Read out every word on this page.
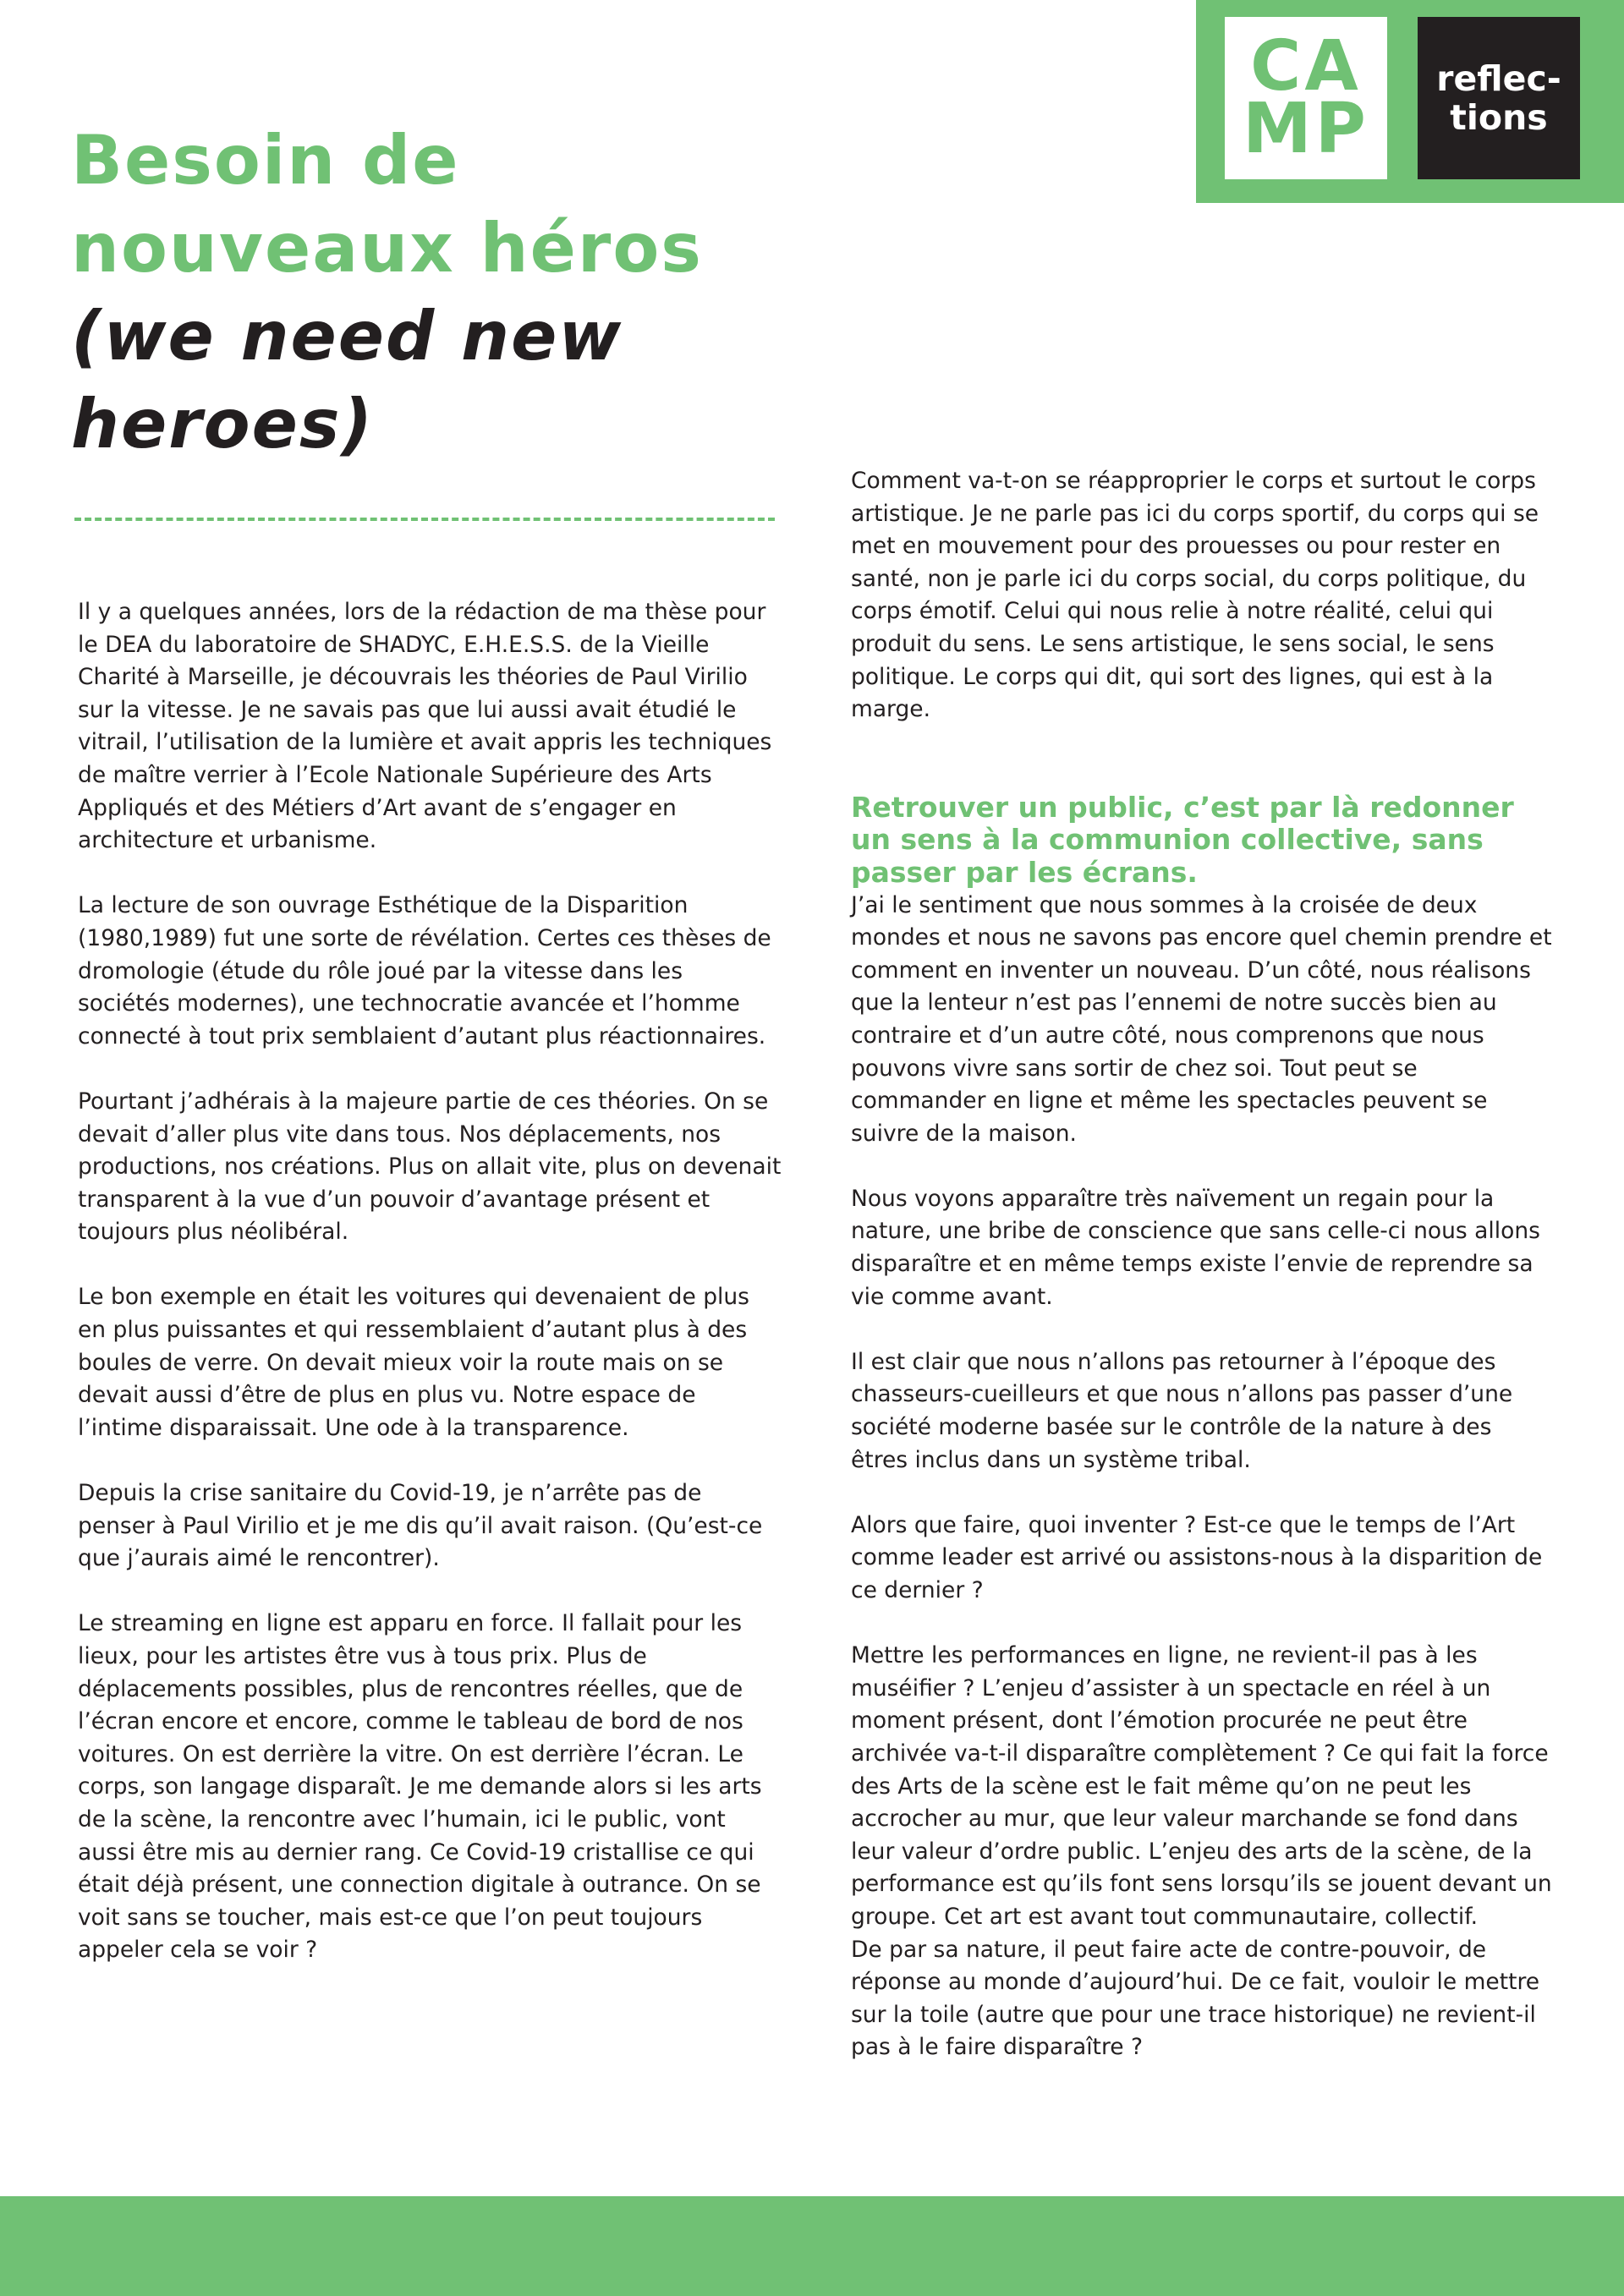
CA
MP
reflec-
tions
Besoin de
nouveaux héros
(we need new
heroes)

Il y a quelques années, lors de la rédaction de ma thèse pour le DEA du laboratoire de SHADYC, E.H.E.S.S. de la Vieille Charité à Marseille, je découvrais les théories de Paul Virilio sur la vitesse. Je ne savais pas que lui aussi avait étudié le vitrail, l’utilisation de la lumière et avait appris les techniques de maître verrier à l’Ecole Nationale Supérieure des Arts Appliqués et des Métiers d’Art avant de s’engager en architecture et urbanisme.

La lecture de son ouvrage Esthétique de la Disparition (1980,1989) fut une sorte de révélation. Certes ces thèses de dromologie (étude du rôle joué par la vitesse dans les sociétés modernes), une technocratie avancée et l’homme connecté à tout prix semblaient d’autant plus réactionnaires.

Pourtant j’adhérais à la majeure partie de ces théories. On se devait d’aller plus vite dans tous. Nos déplacements, nos productions, nos créations. Plus on allait vite, plus on devenait transparent à la vue d’un pouvoir d’avantage présent et toujours plus néolibéral.

Le bon exemple en était les voitures qui devenaient de plus en plus puissantes et qui ressemblaient d’autant plus à des boules de verre. On devait mieux voir la route mais on se devait aussi d’être de plus en plus vu. Notre espace de l’intime disparaissait. Une ode à la transparence.

Depuis la crise sanitaire du Covid-19, je n’arrête pas de penser à Paul Virilio et je me dis qu’il avait raison. (Qu’est-ce que j’aurais aimé le rencontrer).

Le streaming en ligne est apparu en force. Il fallait pour les lieux, pour les artistes être vus à tous prix. Plus de déplacements possibles, plus de rencontres réelles, que de l’écran encore et encore, comme le tableau de bord de nos voitures. On est derrière la vitre. On est derrière l’écran. Le corps, son langage disparaît. Je me demande alors si les arts de la scène, la rencontre avec l’humain, ici le public, vont aussi être mis au dernier rang. Ce Covid-19 cristallise ce qui était déjà présent, une connection digitale à outrance. On se voit sans se toucher, mais est-ce que l’on peut toujours appeler cela se voir ?

Comment va-t-on se réapproprier le corps et surtout le corps artistique. Je ne parle pas ici du corps sportif, du corps qui se met en mouvement pour des prouesses ou pour rester en santé, non je parle ici du corps social, du corps politique, du corps émotif. Celui qui nous relie à notre réalité, celui qui produit du sens. Le sens artistique, le sens social, le sens politique. Le corps qui dit, qui sort des lignes, qui est à la marge.

Retrouver un public, c’est par là redonner un sens à la communion collective, sans passer par les écrans.

J’ai le sentiment que nous sommes à la croisée de deux mondes et nous ne savons pas encore quel chemin prendre et comment en inventer un nouveau. D’un côté, nous réalisons que la lenteur n’est pas l’ennemi de notre succès bien au contraire et d’un autre côté, nous comprenons que nous pouvons vivre sans sortir de chez soi. Tout peut se commander en ligne et même les spectacles peuvent se suivre de la maison.

Nous voyons apparaître très naïvement un regain pour la nature, une bribe de conscience que sans celle-ci nous allons disparaître et en même temps existe l’envie de reprendre sa vie comme avant.

Il est clair que nous n’allons pas retourner à l’époque des chasseurs-cueilleurs et que nous n’allons pas passer d’une société moderne basée sur le contrôle de la nature à des êtres inclus dans un système tribal.

Alors que faire, quoi inventer ? Est-ce que le temps de l’Art comme leader est arrivé ou assistons-nous à la disparition de ce dernier ?

Mettre les performances en ligne, ne revient-il pas à les muséifier ? L’enjeu d’assister à un spectacle en réel à un moment présent, dont l’émotion procurée ne peut être archivée va-t-il disparaître complètement ? Ce qui fait la force des Arts de la scène est le fait même qu’on ne peut les accrocher au mur, que leur valeur marchande se fond dans leur valeur d’ordre public. L’enjeu des arts de la scène, de la performance est qu’ils font sens lorsqu’ils se jouent devant un groupe. Cet art est avant tout communautaire, collectif.

De par sa nature, il peut faire acte de contre-pouvoir, de réponse au monde d’aujourd’hui. De ce fait, vouloir le mettre sur la toile (autre que pour une trace historique) ne revient-il pas à le faire disparaître ?
